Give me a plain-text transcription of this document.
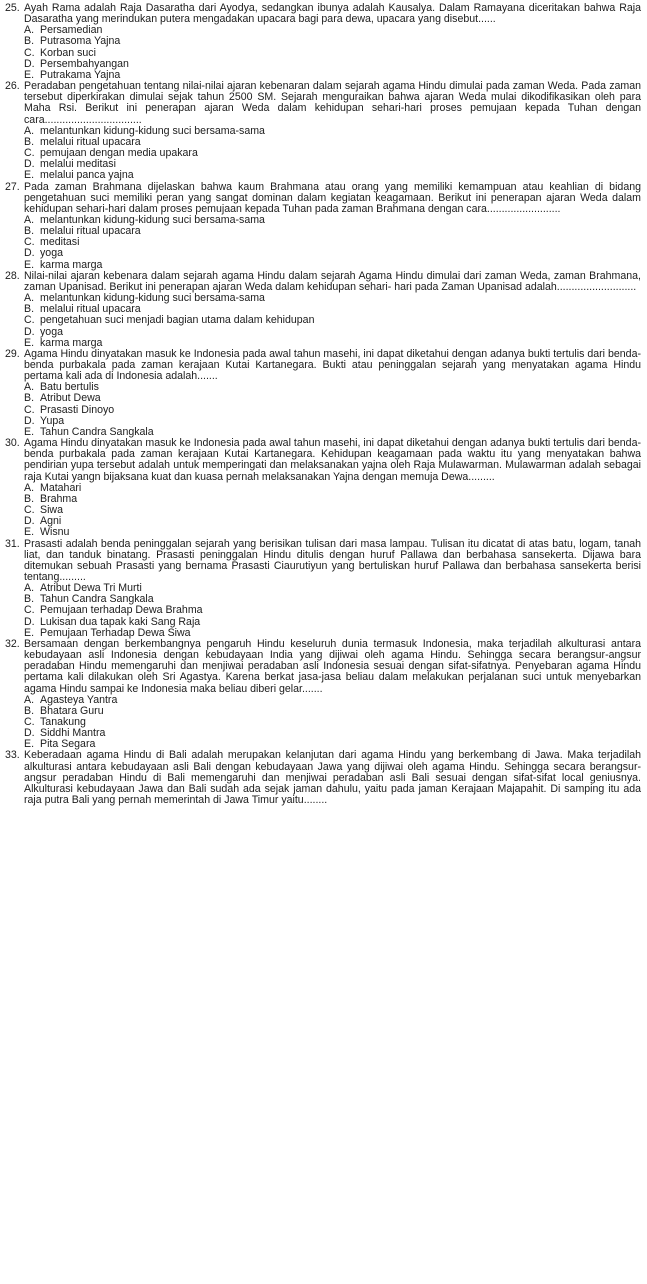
25. Ayah Rama adalah Raja Dasaratha dari Ayodya, sedangkan ibunya adalah Kausalya. Dalam Ramayana diceritakan bahwa Raja Dasaratha yang merindukan putera mengadakan upacara bagi para dewa, upacara yang disebut......
A. Persamedian
B. Putrasoma Yajna
C. Korban suci
D. Persembahyangan
E. Putrakama Yajna
26. Peradaban pengetahuan tentang nilai-nilai ajaran kebenaran dalam sejarah agama Hindu dimulai pada zaman Weda. Pada zaman tersebut diperkirakan dimulai sejak tahun 2500 SM. Sejarah menguraikan bahwa ajaran Weda mulai dikodifikasikan oleh para Maha Rsi. Berikut ini penerapan ajaran Weda dalam kehidupan sehari-hari proses pemujaan kepada Tuhan dengan cara.................................
A. melantunkan kidung-kidung suci bersama-sama
B. melalui ritual upacara
C. pemujaan dengan media upakara
D. melalui meditasi
E. melalui panca yajna
27. Pada zaman Brahmana dijelaskan bahwa kaum Brahmana atau orang yang memiliki kemampuan atau keahlian di bidang pengetahuan suci memiliki peran yang sangat dominan dalam kegiatan keagamaan. Berikut ini penerapan ajaran Weda dalam kehidupan sehari-hari dalam proses pemujaan kepada Tuhan pada zaman Brahmana dengan cara.........................
A. melantunkan kidung-kidung suci bersama-sama
B. melalui ritual upacara
C. meditasi
D. yoga
E. karma marga
28. Nilai-nilai ajaran kebenara dalam sejarah agama Hindu dalam sejarah Agama Hindu dimulai dari zaman Weda, zaman Brahmana, zaman Upanisad. Berikut ini penerapan ajaran Weda dalam kehidupan sehari- hari pada Zaman Upanisad adalah...........................
A. melantunkan kidung-kidung suci bersama-sama
B. melalui ritual upacara
C. pengetahuan suci menjadi bagian utama dalam kehidupan
D. yoga
E. karma marga
29. Agama Hindu dinyatakan masuk ke Indonesia pada awal tahun masehi, ini dapat diketahui dengan adanya bukti tertulis dari benda-benda purbakala pada zaman kerajaan Kutai Kartanegara. Bukti atau peninggalan sejarah yang menyatakan agama Hindu pertama kali ada di Indonesia adalah.......
A. Batu bertulis
B. Atribut Dewa
C. Prasasti Dinoyo
D. Yupa
E. Tahun Candra Sangkala
30. Agama Hindu dinyatakan masuk ke Indonesia pada awal tahun masehi, ini dapat diketahui dengan adanya bukti tertulis dari benda-benda purbakala pada zaman kerajaan Kutai Kartanegara. Kehidupan keagamaan pada waktu itu yang menyatakan bahwa pendirian yupa tersebut adalah untuk memperingati dan melaksanakan yajna oleh Raja Mulawarman. Mulawarman adalah sebagai raja Kutai yangn bijaksana kuat dan kuasa pernah melaksanakan Yajna dengan memuja Dewa.........
A. Matahari
B. Brahma
C. Siwa
D. Agni
E. Wisnu
31. Prasasti adalah benda peninggalan sejarah yang berisikan tulisan dari masa lampau. Tulisan itu dicatat di atas batu, logam, tanah liat, dan tanduk binatang. Prasasti peninggalan Hindu ditulis dengan huruf Pallawa dan berbahasa sansekerta. Dijawa bara ditemukan sebuah Prasasti yang bernama Prasasti Ciaurutiyun yang bertuliskan huruf Pallawa dan berbahasa sansekerta berisi tentang.........
A. Atribut Dewa Tri Murti
B. Tahun Candra Sangkala
C. Pemujaan terhadap Dewa Brahma
D. Lukisan dua tapak kaki Sang Raja
E. Pemujaan Terhadap Dewa Siwa
32. Bersamaan dengan berkembangnya pengaruh Hindu keseluruh dunia termasuk Indonesia, maka terjadilah alkulturasi antara kebudayaan asli Indonesia dengan kebudayaan India yang dijiwai oleh agama Hindu. Sehingga secara berangsur-angsur peradaban Hindu memengaruhi dan menjiwai peradaban asli Indonesia sesuai dengan sifat-sifatnya. Penyebaran agama Hindu pertama kali dilakukan oleh Sri Agastya. Karena berkat jasa-jasa beliau dalam melakukan perjalanan suci untuk menyebarkan agama Hindu sampai ke Indonesia maka beliau diberi gelar.......
A. Agasteya Yantra
B. Bhatara Guru
C. Tanakung
D. Siddhi Mantra
E. Pita Segara
33. Keberadaan agama Hindu di Bali adalah merupakan kelanjutan dari agama Hindu yang berkembang di Jawa. Maka terjadilah alkulturasi antara kebudayaan asli Bali dengan kebudayaan Jawa yang dijiwai oleh agama Hindu. Sehingga secara berangsur-angsur peradaban Hindu di Bali memengaruhi dan menjiwai peradaban asli Bali sesuai dengan sifat-sifat local geniusnya. Alkulturasi kebudayaan Jawa dan Bali sudah ada sejak jaman dahulu, yaitu pada jaman Kerajaan Majapahit. Di samping itu ada raja putra Bali yang pernah memerintah di Jawa Timur yaitu........
